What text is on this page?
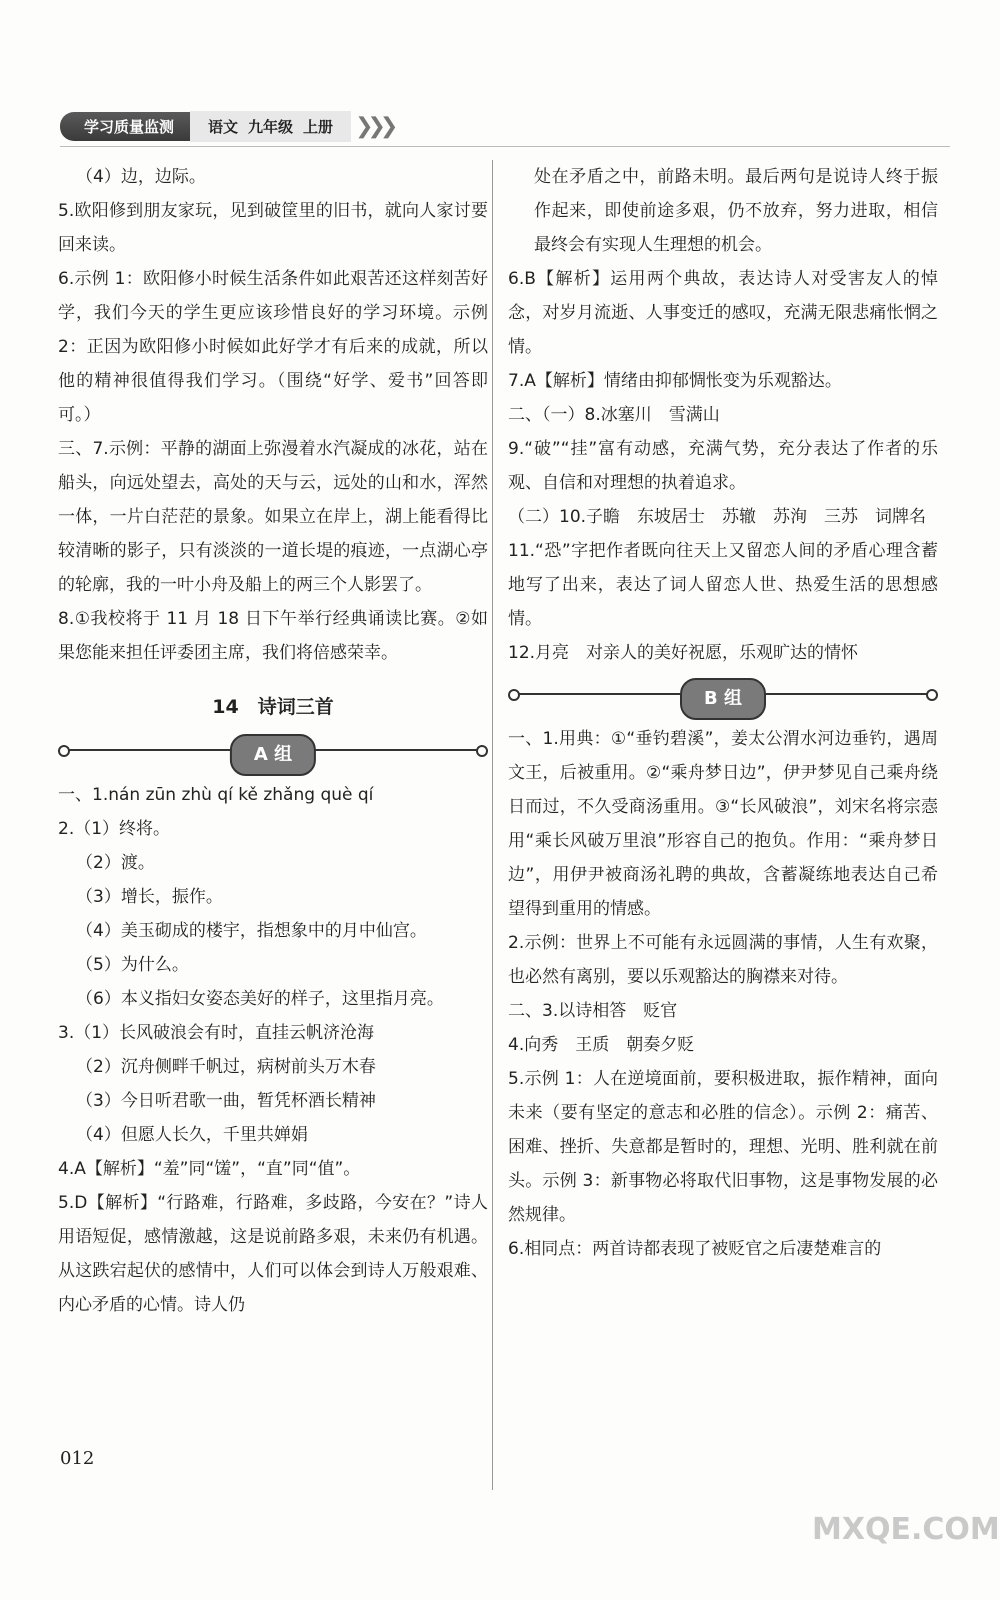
学习质量监测	语文 九年级 上册 ❯❯❯

（4）边，边际。

5.欧阳修到朋友家玩，见到破筐里的旧书，就向人家讨要回来读。

6.示例 1：欧阳修小时候生活条件如此艰苦还这样刻苦好学，我们今天的学生更应该珍惜良好的学习环境。示例 2：正因为欧阳修小时候如此好学才有后来的成就，所以他的精神很值得我们学习。（围绕“好学、爱书”回答即可。）

三、7.示例：平静的湖面上弥漫着水汽凝成的冰花，站在船头，向远处望去，高处的天与云，远处的山和水，浑然一体，一片白茫茫的景象。如果立在岸上，湖上能看得比较清晰的影子，只有淡淡的一道长堤的痕迹，一点湖心亭的轮廓，我的一叶小舟及船上的两三个人影罢了。

8.①我校将于 11 月 18 日下午举行经典诵读比赛。②如果您能来担任评委团主席，我们将倍感荣幸。

14　诗词三首
A 组

一、1.nán zūn zhù qí kě zhǎng què qí

2.（1）终将。

（2）渡。

（3）增长，振作。

（4）美玉砌成的楼宇，指想象中的月中仙宫。

（5）为什么。

（6）本义指妇女姿态美好的样子，这里指月亮。

3.（1）长风破浪会有时，直挂云帆济沧海

（2）沉舟侧畔千帆过，病树前头万木春

（3）今日听君歌一曲，暂凭杯酒长精神

（4）但愿人长久，千里共婵娟

4.A【解析】“羞”同“馐”，“直”同“值”。

5.D【解析】“行路难，行路难，多歧路，今安在？”诗人用语短促，感情激越，这是说前路多艰，未来仍有机遇。从这跌宕起伏的感情中，人们可以体会到诗人万般艰难、内心矛盾的心情。诗人仍

处在矛盾之中，前路未明。最后两句是说诗人终于振作起来，即使前途多艰，仍不放弃，努力进取，相信最终会有实现人生理想的机会。

6.B【解析】运用两个典故，表达诗人对受害友人的悼念，对岁月流逝、人事变迁的感叹，充满无限悲痛怅惘之情。

7.A【解析】情绪由抑郁惆怅变为乐观豁达。

二、（一）8.冰塞川　雪满山

9.“破”“挂”富有动感，充满气势，充分表达了作者的乐观、自信和对理想的执着追求。

（二）10.子瞻　东坡居士　苏辙　苏洵　三苏　词牌名

11.“恐”字把作者既向往天上又留恋人间的矛盾心理含蓄地写了出来，表达了词人留恋人世、热爱生活的思想感情。

12.月亮　对亲人的美好祝愿，乐观旷达的情怀

B 组

一、1.用典：①“垂钓碧溪”，姜太公渭水河边垂钓，遇周文王，后被重用。②“乘舟梦日边”，伊尹梦见自己乘舟绕日而过，不久受商汤重用。③“长风破浪”，刘宋名将宗悫用“乘长风破万里浪”形容自己的抱负。作用：“乘舟梦日边”，用伊尹被商汤礼聘的典故，含蓄凝练地表达自己希望得到重用的情感。

2.示例：世界上不可能有永远圆满的事情，人生有欢聚，也必然有离别，要以乐观豁达的胸襟来对待。

二、3.以诗相答　贬官

4.向秀　王质　朝奏夕贬

5.示例 1：人在逆境面前，要积极进取，振作精神，面向未来（要有坚定的意志和必胜的信念）。示例 2：痛苦、困难、挫折、失意都是暂时的，理想、光明、胜利就在前头。示例 3：新事物必将取代旧事物，这是事物发展的必然规律。

6.相同点：两首诗都表现了被贬官之后凄楚难言的

012
MXQE.COM
